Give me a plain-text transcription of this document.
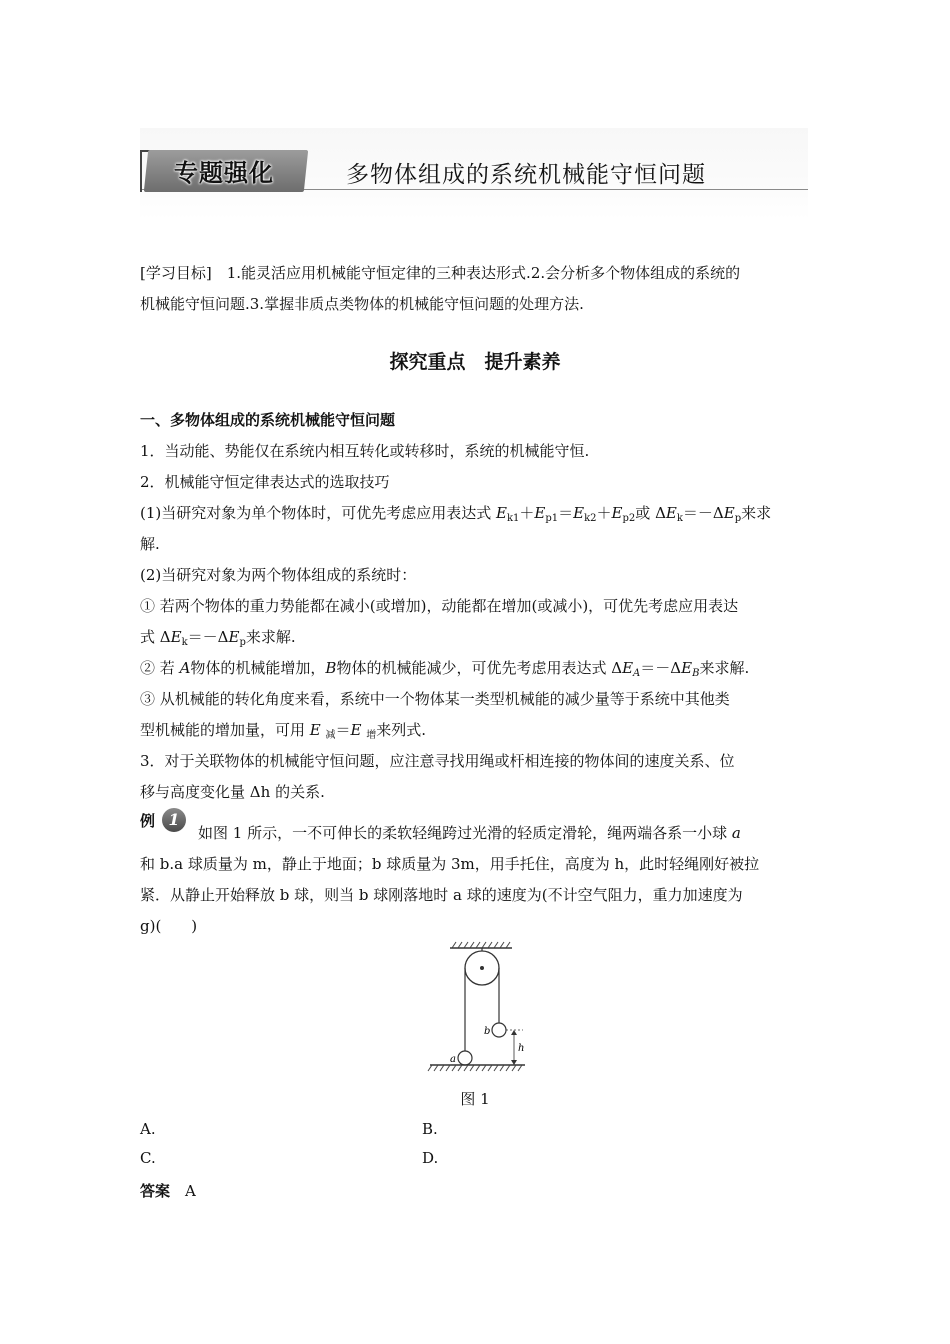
专题强化	多物体组成的系统机械能守恒问题
[学习目标]　 1.能灵活应用机械能守恒定律的三种表达形式.2.会分析多个物体组成的系统的
机械能守恒问题.3.掌握非质点类物体的机械能守恒问题的处理方法.
探究重点　提升素养
一、多物体组成的系统机械能守恒问题
1．当动能、势能仅在系统内相互转化或转移时，系统的机械能守恒.
2．机械能守恒定律表达式的选取技巧
(1)当研究对象为单个物体时，可优先考虑应用表达式 $E_{k1}+E_{p1}=E_{k2}+E_{p2}$或 $\Delta E_k=-\Delta E_p$来求
解.
(2)当研究对象为两个物体组成的系统时：
① 若两个物体的重力势能都在减小(或增加)，动能都在增加(或减小)，可优先考虑应用表达
式 $\Delta E_k=-\Delta E_p$来求解.
② 若 A物体的机械能增加，B物体的机械能减少，可优先考虑用表达式 $\Delta E_A=-\Delta E_B$来求解.
③ 从机械能的转化角度来看，系统中一个物体某一类型机械能的减少量等于系统中其他类
型机械能的增加量，可用 E $_减$＝E $_增$来列式.
3．对于关联物体的机械能守恒问题，应注意寻找用绳或杆相连接的物体间的速度关系、位
移与高度变化量 Δh 的关系.
例 1
如图 1 所示，一不可伸长的柔软轻绳跨过光滑的轻质定滑轮，绳两端各系一小球 a
和 b.a 球质量为 m，静止于地面；b 球质量为 3m，用手托住，高度为 h，此时轻绳刚好被拉
紧．从静止开始释放 b 球，则当 b 球刚落地时 a 球的速度为(不计空气阻力，重力加速度为
g)(　　)
b
a
h
图 1
A.	B.
C.	D.
答案　 A
